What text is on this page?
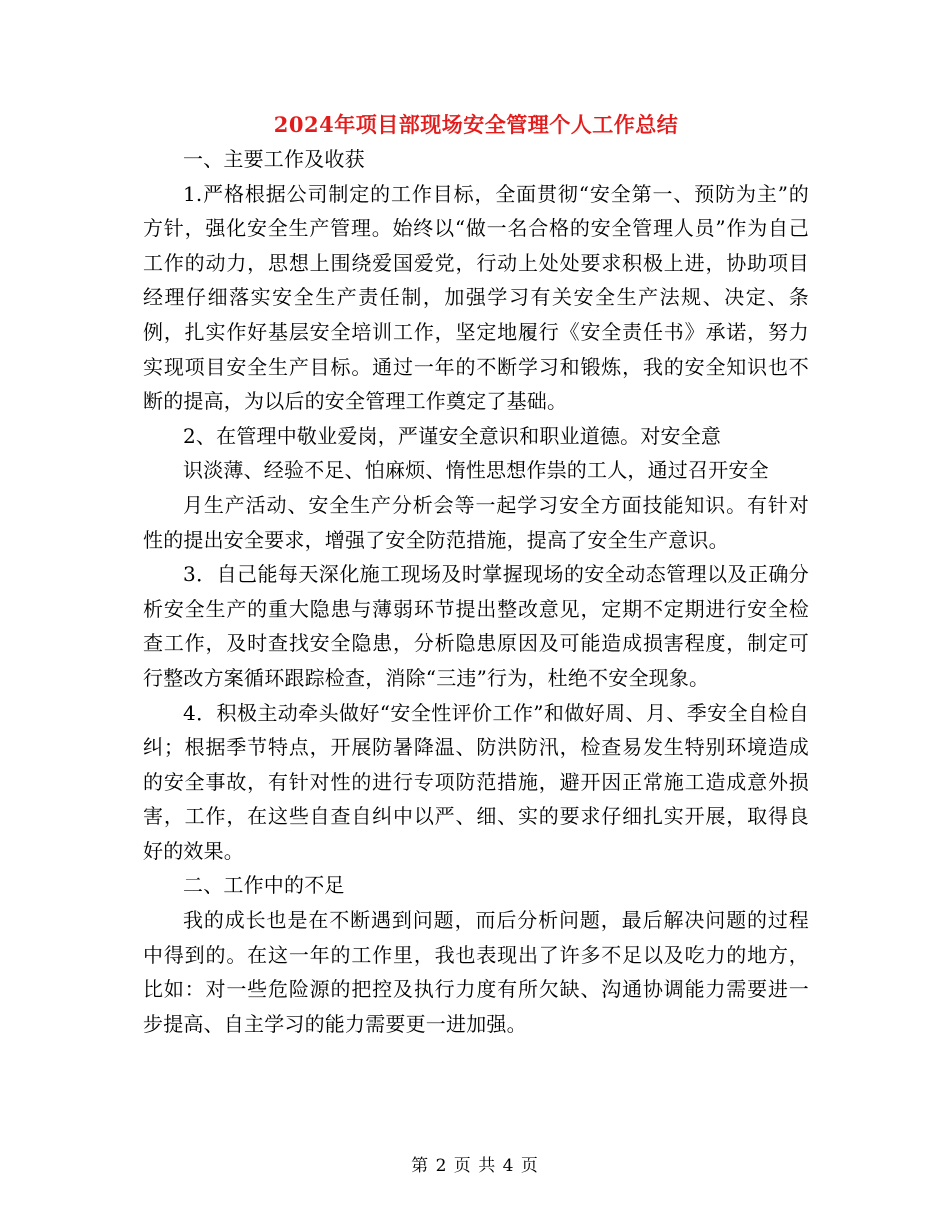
2024年项目部现场安全管理个人工作总结

一、主要工作及收获

1.严格根据公司制定的工作目标，全面贯彻“安全第一、预防为主”的方针，强化安全生产管理。始终以“做一名合格的安全管理人员”作为自己工作的动力，思想上围绕爱国爱党，行动上处处要求积极上进，协助项目经理仔细落实安全生产责任制，加强学习有关安全生产法规、决定、条例，扎实作好基层安全培训工作，坚定地履行《安全责任书》承诺，努力实现项目安全生产目标。通过一年的不断学习和锻炼，我的安全知识也不断的提高，为以后的安全管理工作奠定了基础。

2、在管理中敬业爱岗，严谨安全意识和职业道德。对安全意

识淡薄、经验不足、怕麻烦、惰性思想作祟的工人，通过召开安全

月生产活动、安全生产分析会等一起学习安全方面技能知识。有针对性的提出安全要求，增强了安全防范措施，提高了安全生产意识。

3．自己能每天深化施工现场及时掌握现场的安全动态管理以及正确分析安全生产的重大隐患与薄弱环节提出整改意见，定期不定期进行安全检查工作，及时查找安全隐患，分析隐患原因及可能造成损害程度，制定可行整改方案循环跟踪检查，消除“三违”行为，杜绝不安全现象。

4．积极主动牵头做好“安全性评价工作”和做好周、月、季安全自检自纠；根据季节特点，开展防暑降温、防洪防汛，检查易发生特别环境造成的安全事故，有针对性的进行专项防范措施，避开因正常施工造成意外损害，工作，在这些自查自纠中以严、细、实的要求仔细扎实开展，取得良好的效果。

二、工作中的不足

我的成长也是在不断遇到问题，而后分析问题，最后解决问题的过程中得到的。在这一年的工作里，我也表现出了许多不足以及吃力的地方，比如：对一些危险源的把控及执行力度有所欠缺、沟通协调能力需要进一步提高、自主学习的能力需要更一进加强。

第 2 页 共 4 页
